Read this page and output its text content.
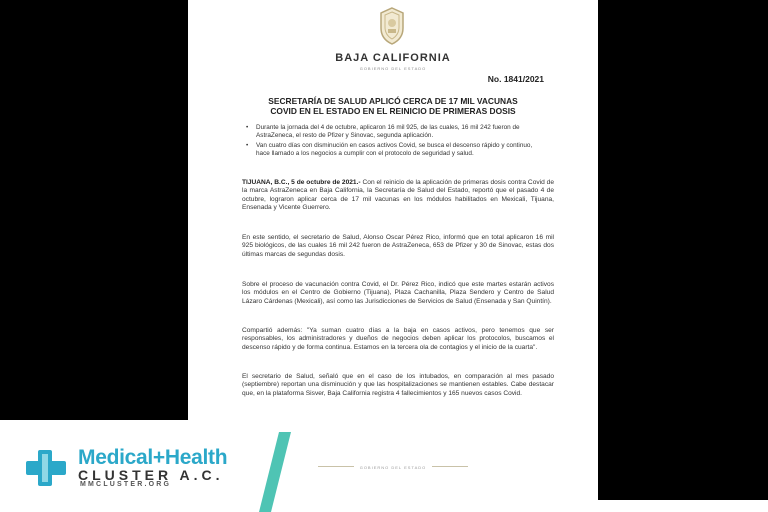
BAJA CALIFORNIA
GOBIERNO DEL ESTADO
No. 1841/2021
SECRETARÍA DE SALUD APLICÓ CERCA DE 17 MIL VACUNAS
COVID EN EL ESTADO EN EL REINICIO DE PRIMERAS DOSIS
• Durante la jornada del 4 de octubre, aplicaron 16 mil 925, de las cuales, 16 mil 242 fueron de AstraZeneca, el resto de Pfizer y Sinovac, segunda aplicación.
• Van cuatro días con disminución en casos activos Covid, se busca el descenso rápido y continuo, hace llamado a los negocios a cumplir con el protocolo de seguridad y salud.

TIJUANA, B.C., 5 de octubre de 2021.- Con el reinicio de la aplicación de primeras dosis contra Covid de la marca AstraZeneca en Baja California, la Secretaría de Salud del Estado, reportó que el pasado 4 de octubre, lograron aplicar cerca de 17 mil vacunas en los módulos habilitados en Mexicali, Tijuana, Ensenada y Vicente Guerrero.

En este sentido, el secretario de Salud, Alonso Oscar Pérez Rico, informó que en total aplicaron 16 mil 925 biológicos, de las cuales 16 mil 242 fueron de AstraZeneca, 653 de Pfizer y 30 de Sinovac, estas dos últimas marcas de segundas dosis.

Sobre el proceso de vacunación contra Covid, el Dr. Pérez Rico, indicó que este martes estarán activos los módulos en el Centro de Gobierno (Tijuana), Plaza Cachanilla, Plaza Sendero y Centro de Salud Lázaro Cárdenas (Mexicali), así como las Jurisdicciones de Servicios de Salud (Ensenada y San Quintín).

Compartió además: "Ya suman cuatro días a la baja en casos activos, pero tenemos que ser responsables, los administradores y dueños de negocios deben aplicar los protocolos, buscamos el descenso rápido y de forma continua. Estamos en la tercera ola de contagios y el inicio de la cuarta".

El secretario de Salud, señaló que en el caso de los intubados, en comparación al mes pasado (septiembre) reportan una disminución y que las hospitalizaciones se mantienen estables. Cabe destacar que, en la plataforma Sisver, Baja California registra 4 fallecimientos y 165 nuevos casos Covid.

GOBIERNO DEL ESTADO
Medical+Health
CLUSTER A.C.
MMCLUSTER.ORG
